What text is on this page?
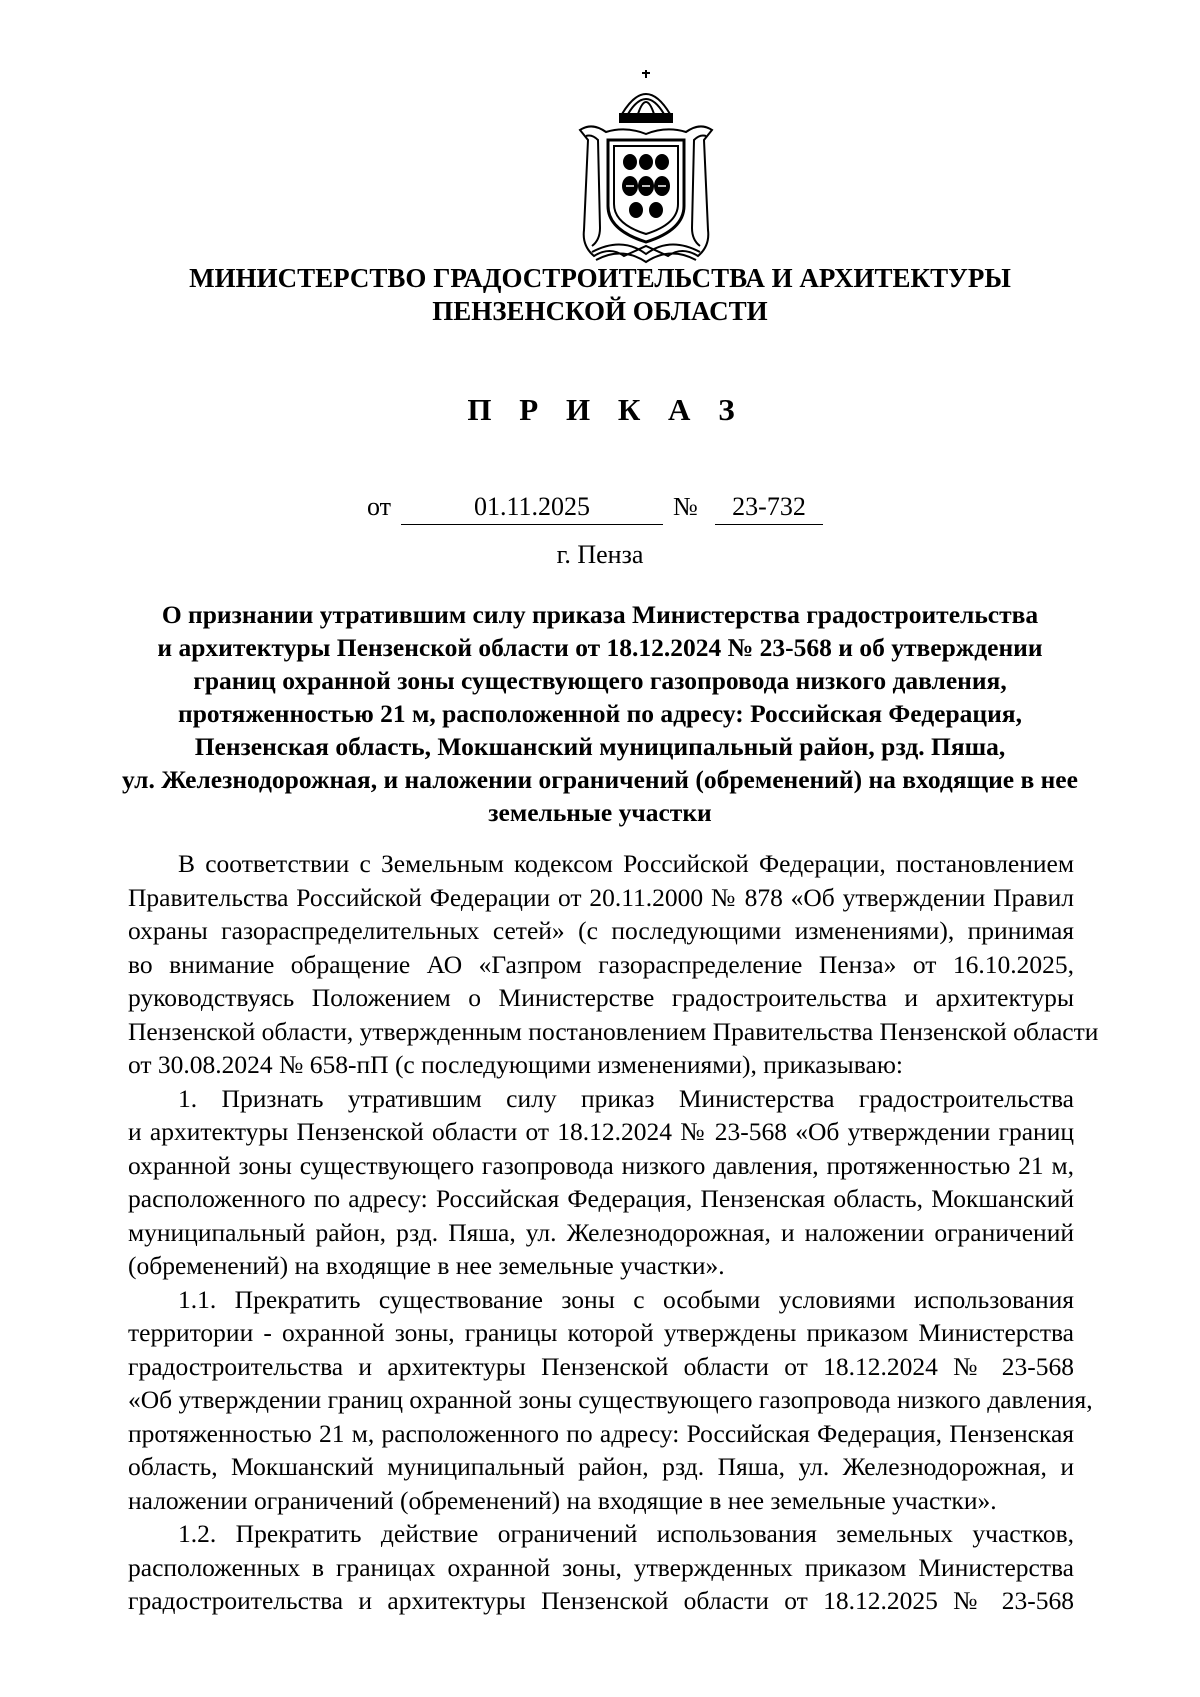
МИНИСТЕРСТВО ГРАДОСТРОИТЕЛЬСТВА И АРХИТЕКТУРЫ
ПЕНЗЕНСКОЙ ОБЛАСТИ
П Р И К А З
от	01.11.2025	№	23-732
г. Пенза
О признании утратившим силу приказа Министерства градостроительства
и архитектуры Пензенской области от 18.12.2024 № 23-568 и об утверждении
границ охранной зоны существующего газопровода низкого давления,
протяженностью 21 м, расположенной по адресу: Российская Федерация,
Пензенская область, Мокшанский муниципальный район, рзд. Пяша,
ул. Железнодорожная, и наложении ограничений (обременений) на входящие в нее
земельные участки
В соответствии с Земельным кодексом Российской Федерации, постановлением
Правительства Российской Федерации от 20.11.2000 № 878 «Об утверждении Правил
охраны газораспределительных сетей» (с последующими изменениями), принимая
во внимание обращение АО «Газпром газораспределение Пенза» от 16.10.2025,
руководствуясь Положением о Министерстве градостроительства и архитектуры
Пензенской области, утвержденным постановлением Правительства Пензенской области
от 30.08.2024 № 658-пП (с последующими изменениями), приказываю:
1. Признать утратившим силу приказ Министерства градостроительства
и архитектуры Пензенской области от 18.12.2024 № 23-568 «Об утверждении границ
охранной зоны существующего газопровода низкого давления, протяженностью 21 м,
расположенного по адресу: Российская Федерация, Пензенская область, Мокшанский
муниципальный район, рзд. Пяша, ул. Железнодорожная, и наложении ограничений
(обременений) на входящие в нее земельные участки».
1.1. Прекратить существование зоны с особыми условиями использования
территории - охранной зоны, границы которой утверждены приказом Министерства
градостроительства и архитектуры Пензенской области от 18.12.2024 № 23-568
«Об утверждении границ охранной зоны существующего газопровода низкого давления,
протяженностью 21 м, расположенного по адресу: Российская Федерация, Пензенская
область, Мокшанский муниципальный район, рзд. Пяша, ул. Железнодорожная, и
наложении ограничений (обременений) на входящие в нее земельные участки».
1.2. Прекратить действие ограничений использования земельных участков,
расположенных в границах охранной зоны, утвержденных приказом Министерства
градостроительства и архитектуры Пензенской области от 18.12.2025 № 23-568
